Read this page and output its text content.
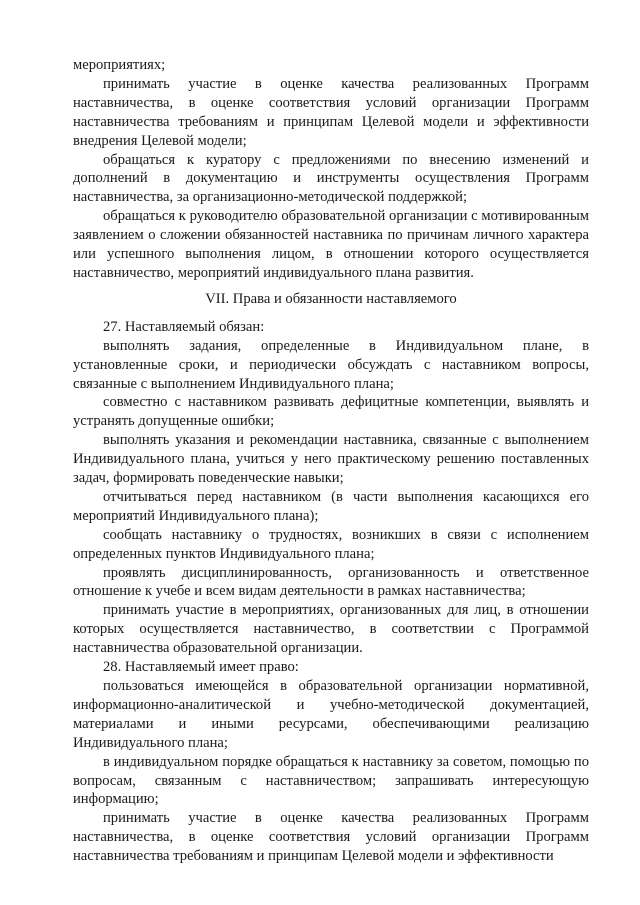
мероприятиях;

принимать участие в оценке качества реализованных Программ наставничества, в оценке соответствия условий организации Программ наставничества требованиям и принципам Целевой модели и эффективности внедрения Целевой модели;

обращаться к куратору с предложениями по внесению изменений и дополнений в документацию и инструменты осуществления Программ наставничества, за организационно-методической поддержкой;

обращаться к руководителю образовательной организации с мотивированным заявлением о сложении обязанностей наставника по причинам личного характера или успешного выполнения лицом, в отношении которого осуществляется наставничество, мероприятий индивидуального плана развития.

VII. Права и обязанности наставляемого

27. Наставляемый обязан:

выполнять задания, определенные в Индивидуальном плане, в установленные сроки, и периодически обсуждать с наставником вопросы, связанные с выполнением Индивидуального плана;

совместно с наставником развивать дефицитные компетенции, выявлять и устранять допущенные ошибки;

выполнять указания и рекомендации наставника, связанные с выполнением Индивидуального плана, учиться у него практическому решению поставленных задач, формировать поведенческие навыки;

отчитываться перед наставником (в части выполнения касающихся его мероприятий Индивидуального плана);

сообщать наставнику о трудностях, возникших в связи с исполнением определенных пунктов Индивидуального плана;

проявлять дисциплинированность, организованность и ответственное отношение к учебе и всем видам деятельности в рамках наставничества;

принимать участие в мероприятиях, организованных для лиц, в отношении которых осуществляется наставничество, в соответствии с Программой наставничества образовательной организации.

28. Наставляемый имеет право:

пользоваться имеющейся в образовательной организации нормативной, информационно-аналитической и учебно-методической документацией, материалами и иными ресурсами, обеспечивающими реализацию Индивидуального плана;

в индивидуальном порядке обращаться к наставнику за советом, помощью по вопросам, связанным с наставничеством; запрашивать интересующую информацию;

принимать участие в оценке качества реализованных Программ наставничества, в оценке соответствия условий организации Программ наставничества требованиям и принципам Целевой модели и эффективности
